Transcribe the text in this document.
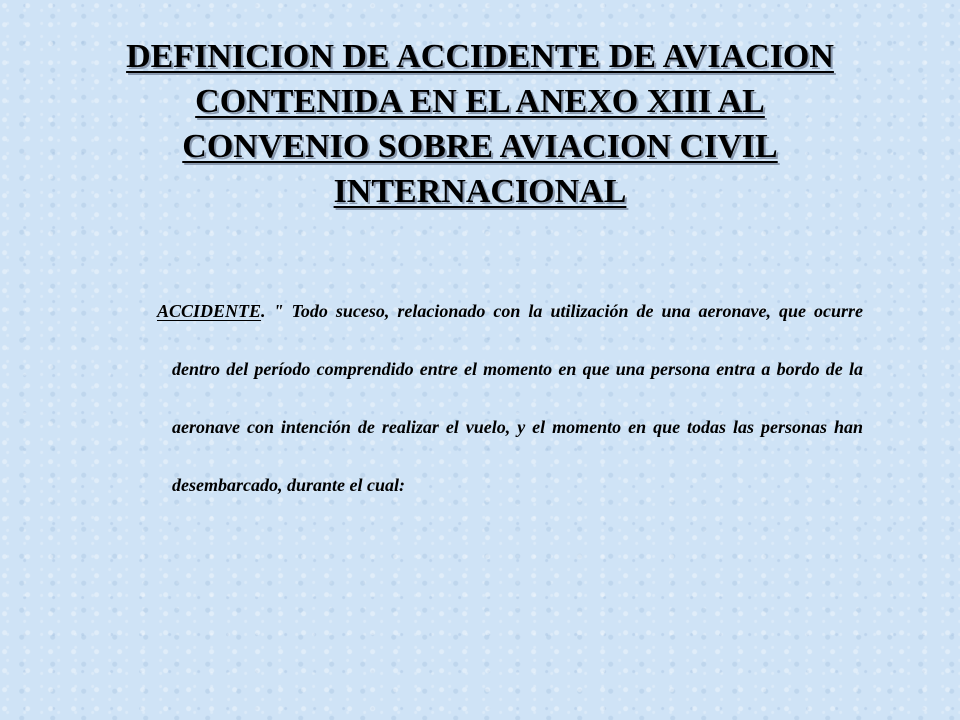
DEFINICION DE ACCIDENTE DE AVIACION
CONTENIDA EN EL ANEXO XIII AL
CONVENIO SOBRE AVIACION CIVIL
INTERNACIONAL

ACCIDENTE. " Todo suceso, relacionado con la utilización de una aeronave, que ocurre dentro del período comprendido entre el momento en que una persona entra a bordo de la aeronave con intención de realizar el vuelo, y el momento en que todas las personas han desembarcado, durante el cual:
